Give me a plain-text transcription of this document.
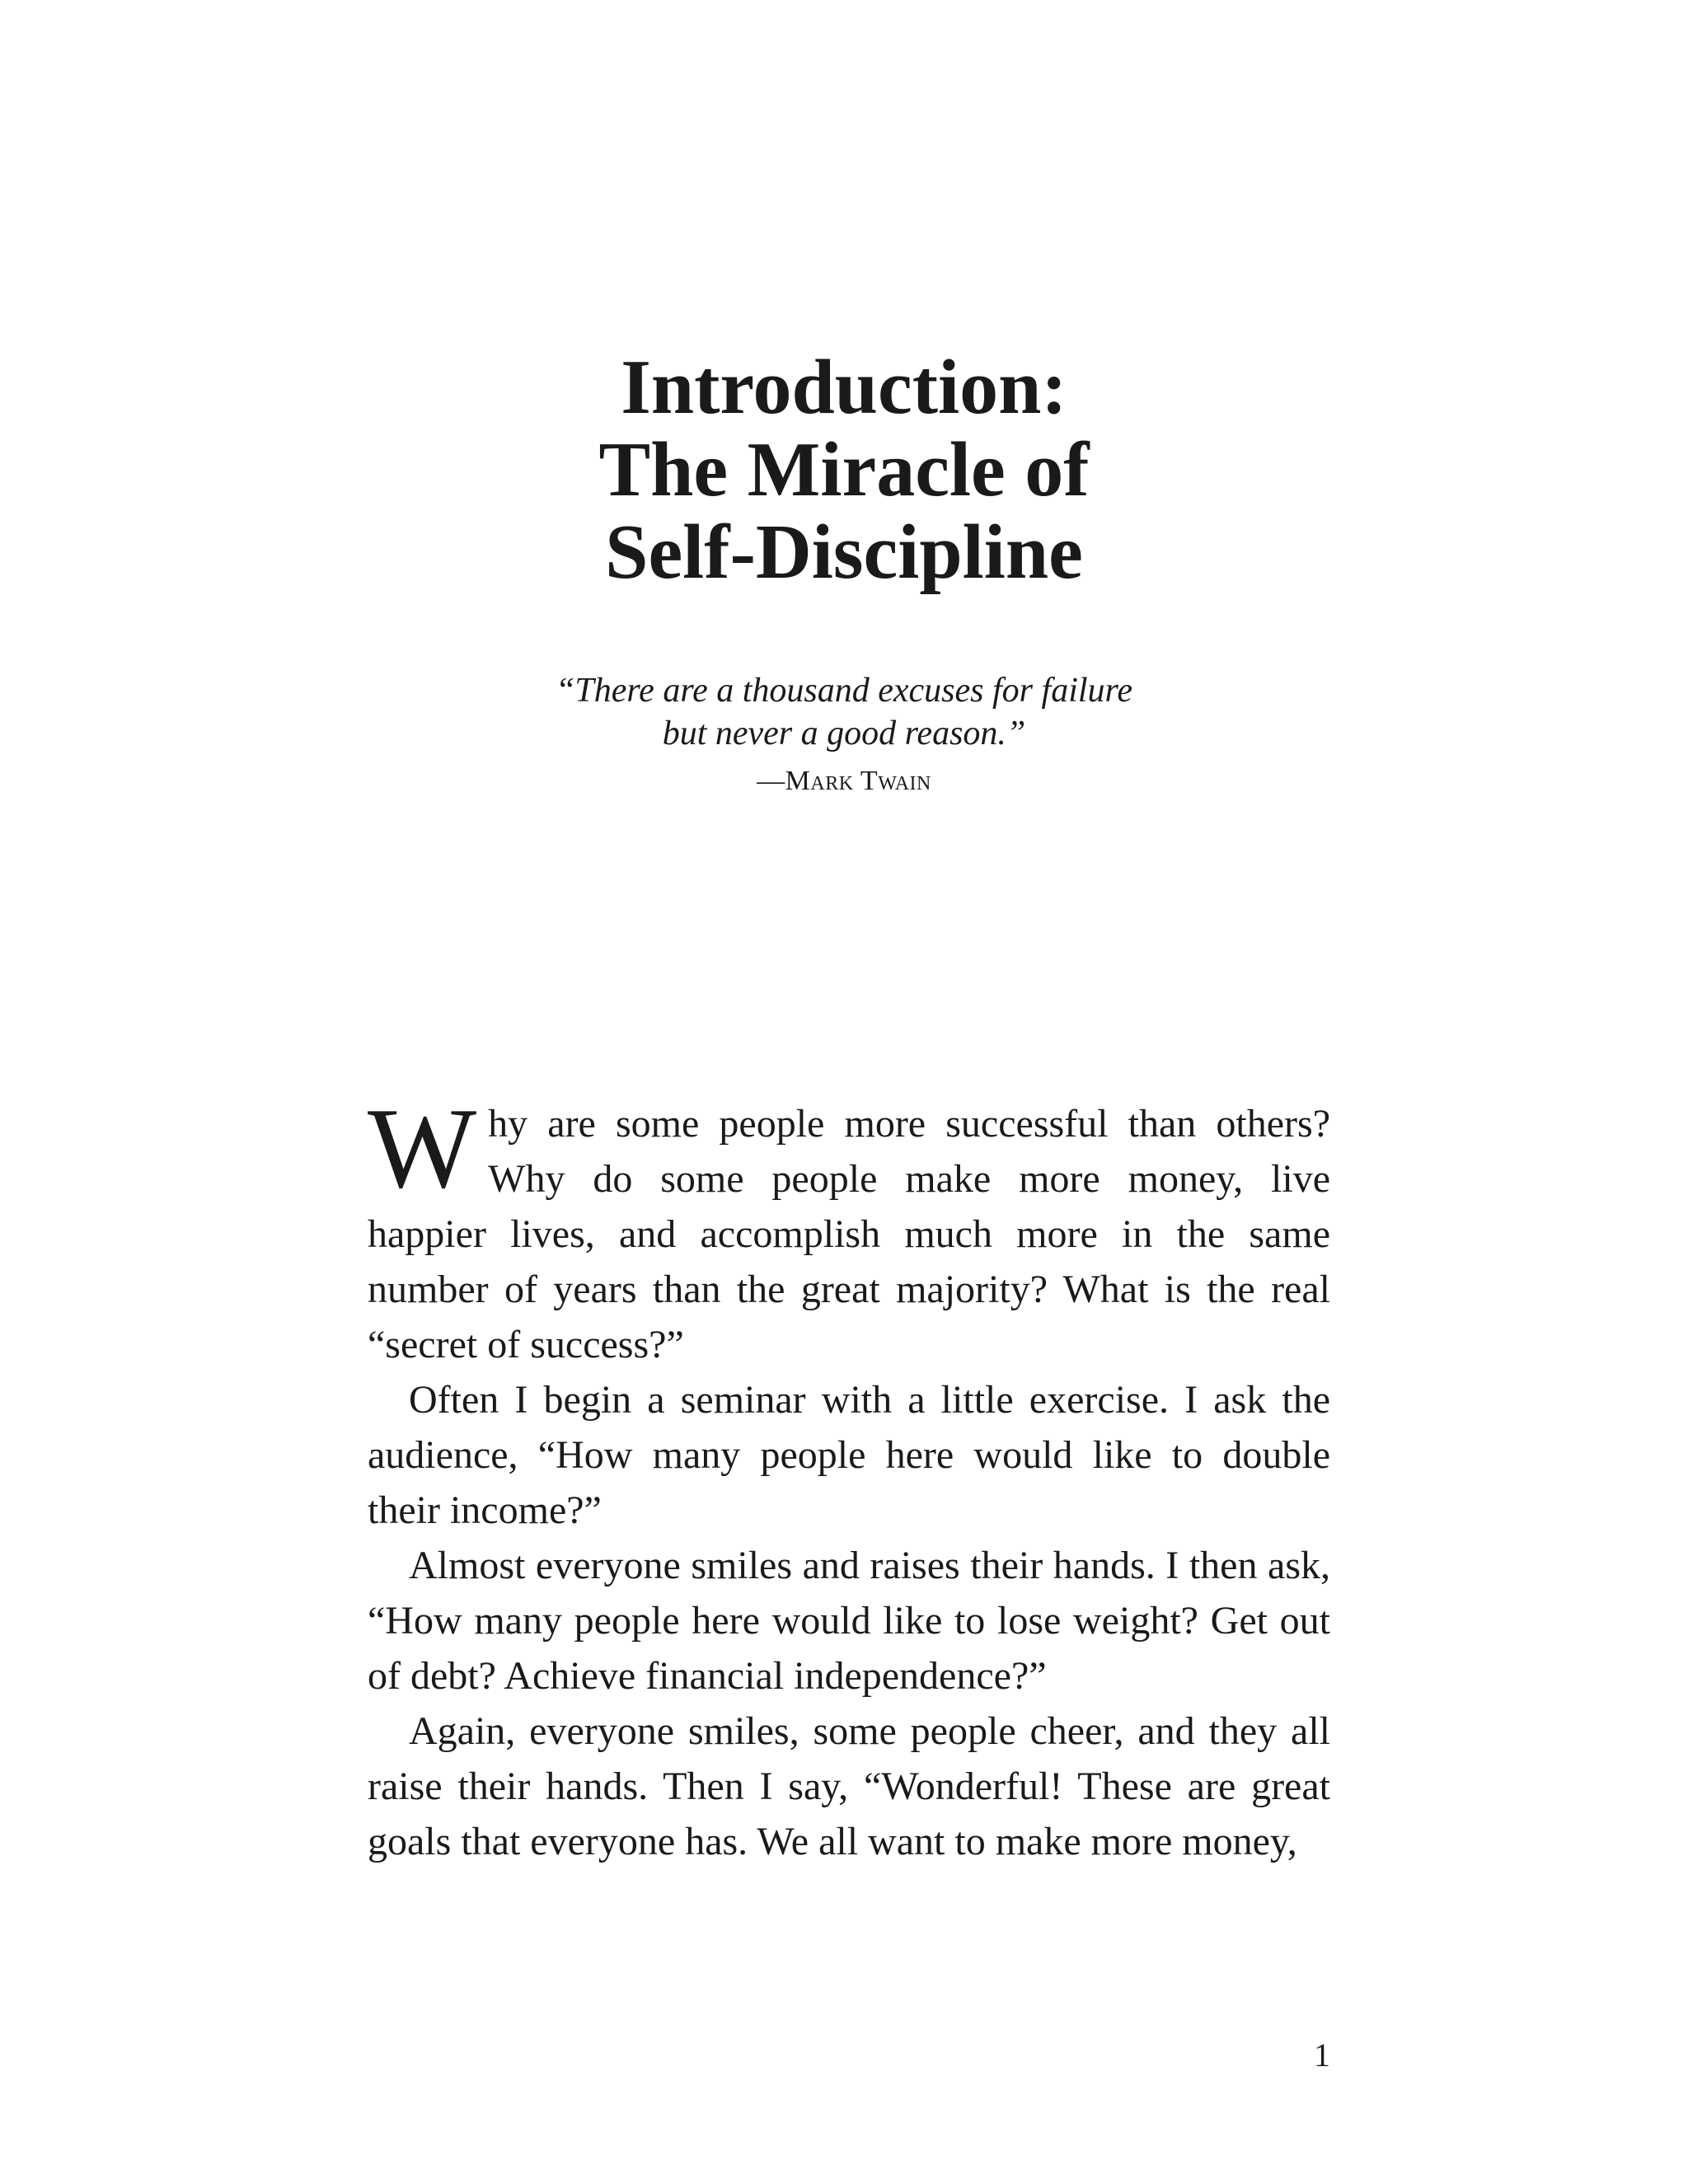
Introduction:
The Miracle of
Self-Discipline

“There are a thousand excuses for failure
but never a good reason.”

—Mark Twain

Why are some people more successful than others? Why do some people make more money, live happier lives, and accomplish much more in the same number of years than the great majority? What is the real “secret of success?”

Often I begin a seminar with a little exercise. I ask the audience, “How many people here would like to double their income?”

Almost everyone smiles and raises their hands. I then ask, “How many people here would like to lose weight? Get out of debt? Achieve financial independence?”

Again, everyone smiles, some people cheer, and they all raise their hands. Then I say, “Wonderful! These are great goals that everyone has. We all want to make more money,

1
